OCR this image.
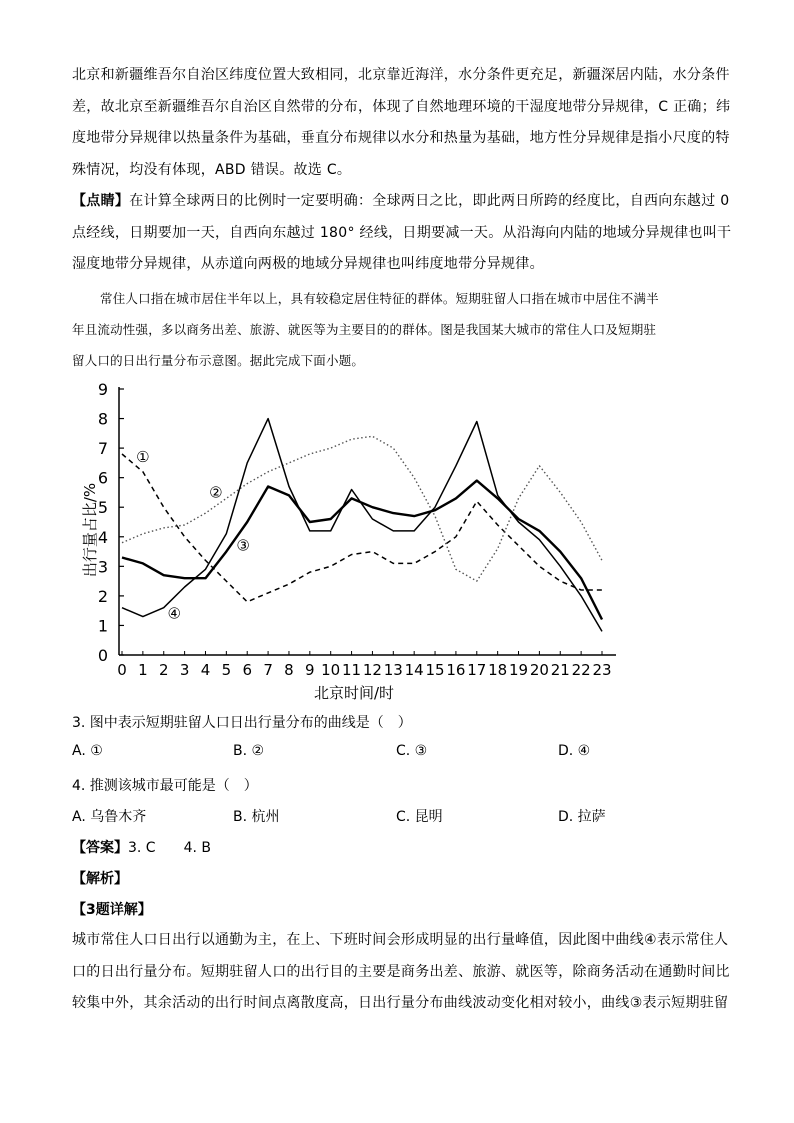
北京和新疆维吾尔自治区纬度位置大致相同，北京靠近海洋，水分条件更充足，新疆深居内陆，水分条件
差，故北京至新疆维吾尔自治区自然带的分布，体现了自然地理环境的干湿度地带分异规律，C 正确；纬
度地带分异规律以热量条件为基础，垂直分布规律以水分和热量为基础，地方性分异规律是指小尺度的特
殊情况，均没有体现，ABD 错误。故选 C。
【点睛】在计算全球两日的比例时一定要明确：全球两日之比，即此两日所跨的经度比，自西向东越过 0
点经线，日期要加一天，自西向东越过 180° 经线，日期要减一天。从沿海向内陆的地域分异规律也叫干
湿度地带分异规律，从赤道向两极的地域分异规律也叫纬度地带分异规律。
常住人口指在城市居住半年以上，具有较稳定居住特征的群体。短期驻留人口指在城市中居住不满半
年且流动性强，多以商务出差、旅游、就医等为主要目的的群体。图是我国某大城市的常住人口及短期驻
留人口的日出行量分布示意图。据此完成下面小题。
0
1
2
3
4
5
6
7
8
9
0 1 2 3 4 5 6 7 8 9 10 11 12 13 14 15 16 17 18 19 20 21 22 23
北京时间/时
出行量占比/%
①
②
③
④
3. 图中表示短期驻留人口日出行量分布的曲线是（　）
A. ①	B. ②	C. ③	D. ④
4. 推测该城市最可能是（　）
A. 乌鲁木齐	B. 杭州	C. 昆明	D. 拉萨
【答案】3. C　　4. B
【解析】
【3题详解】
城市常住人口日出行以通勤为主，在上、下班时间会形成明显的出行量峰值，因此图中曲线④表示常住人
口的日出行量分布。短期驻留人口的出行目的主要是商务出差、旅游、就医等，除商务活动在通勤时间比
较集中外，其余活动的出行时间点离散度高，日出行量分布曲线波动变化相对较小，曲线③表示短期驻留
